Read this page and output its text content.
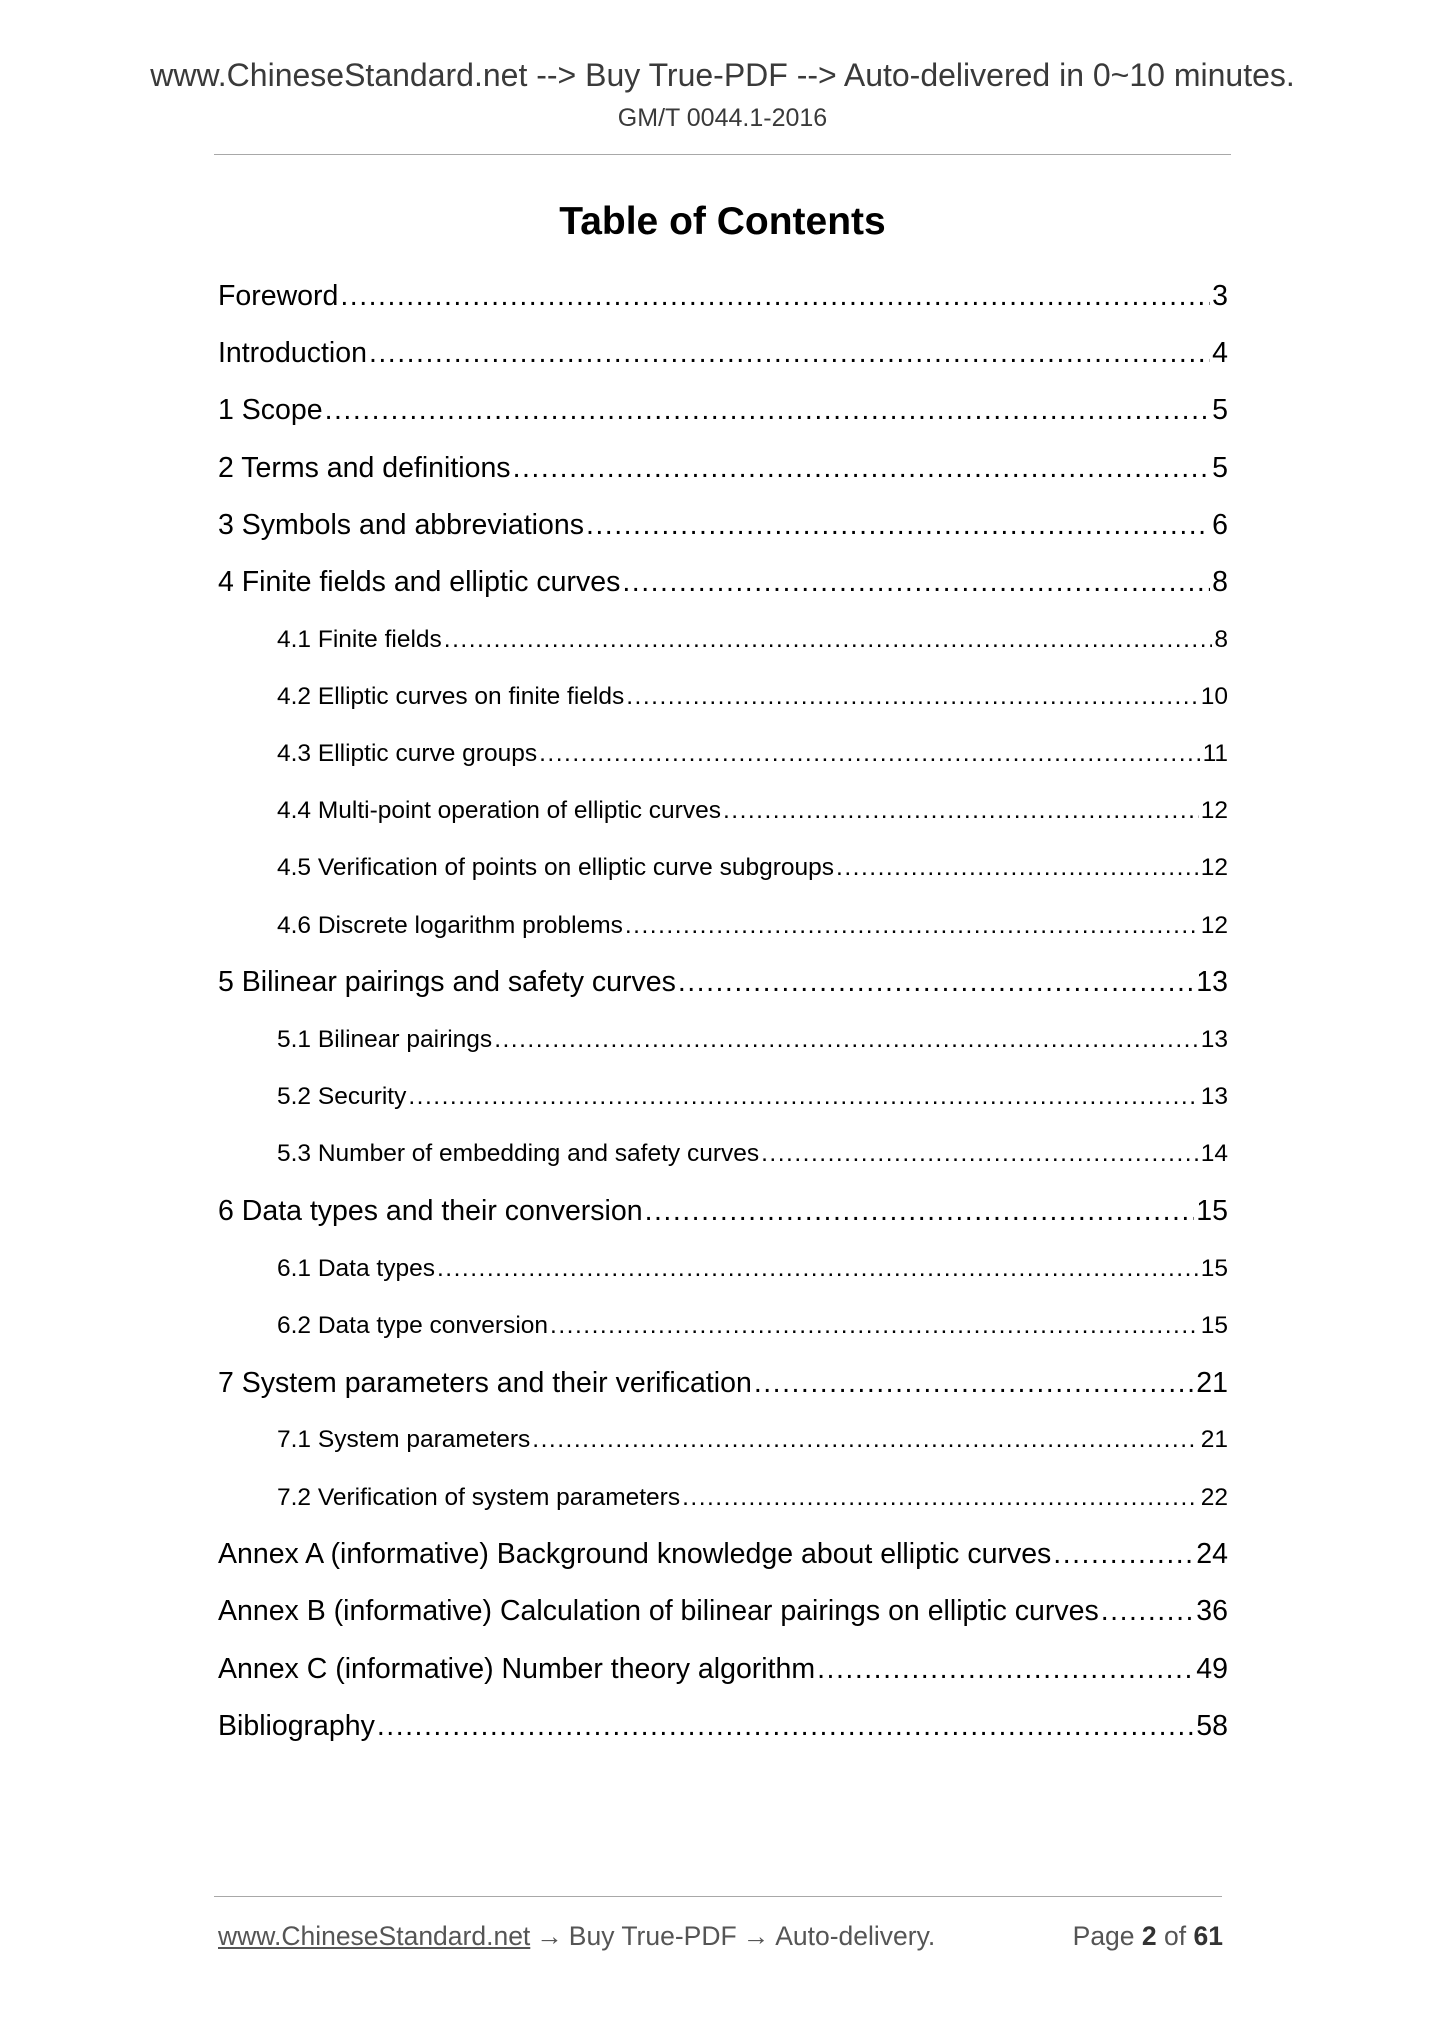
www.ChineseStandard.net --> Buy True-PDF --> Auto-delivered in 0~10 minutes.
GM/T 0044.1-2016
Table of Contents
Foreword .....	3
Introduction .....	4
1 Scope .....	5
2 Terms and definitions .....	5
3 Symbols and abbreviations .....	6
4 Finite fields and elliptic curves .....	8
4.1 Finite fields .....	8
4.2 Elliptic curves on finite fields .....	10
4.3 Elliptic curve groups .....	11
4.4 Multi-point operation of elliptic curves .....	12
4.5 Verification of points on elliptic curve subgroups .....	12
4.6 Discrete logarithm problems .....	12
5 Bilinear pairings and safety curves .....	13
5.1 Bilinear pairings .....	13
5.2 Security .....	13
5.3 Number of embedding and safety curves .....	14
6 Data types and their conversion .....	15
6.1 Data types .....	15
6.2 Data type conversion .....	15
7 System parameters and their verification .....	21
7.1 System parameters .....	21
7.2 Verification of system parameters .....	22
Annex A (informative) Background knowledge about elliptic curves .....	24
Annex B (informative) Calculation of bilinear pairings on elliptic curves .....	36
Annex C (informative) Number theory algorithm .....	49
Bibliography .....	58
www.ChineseStandard.net → Buy True-PDF → Auto-delivery.	Page
2
of
61
